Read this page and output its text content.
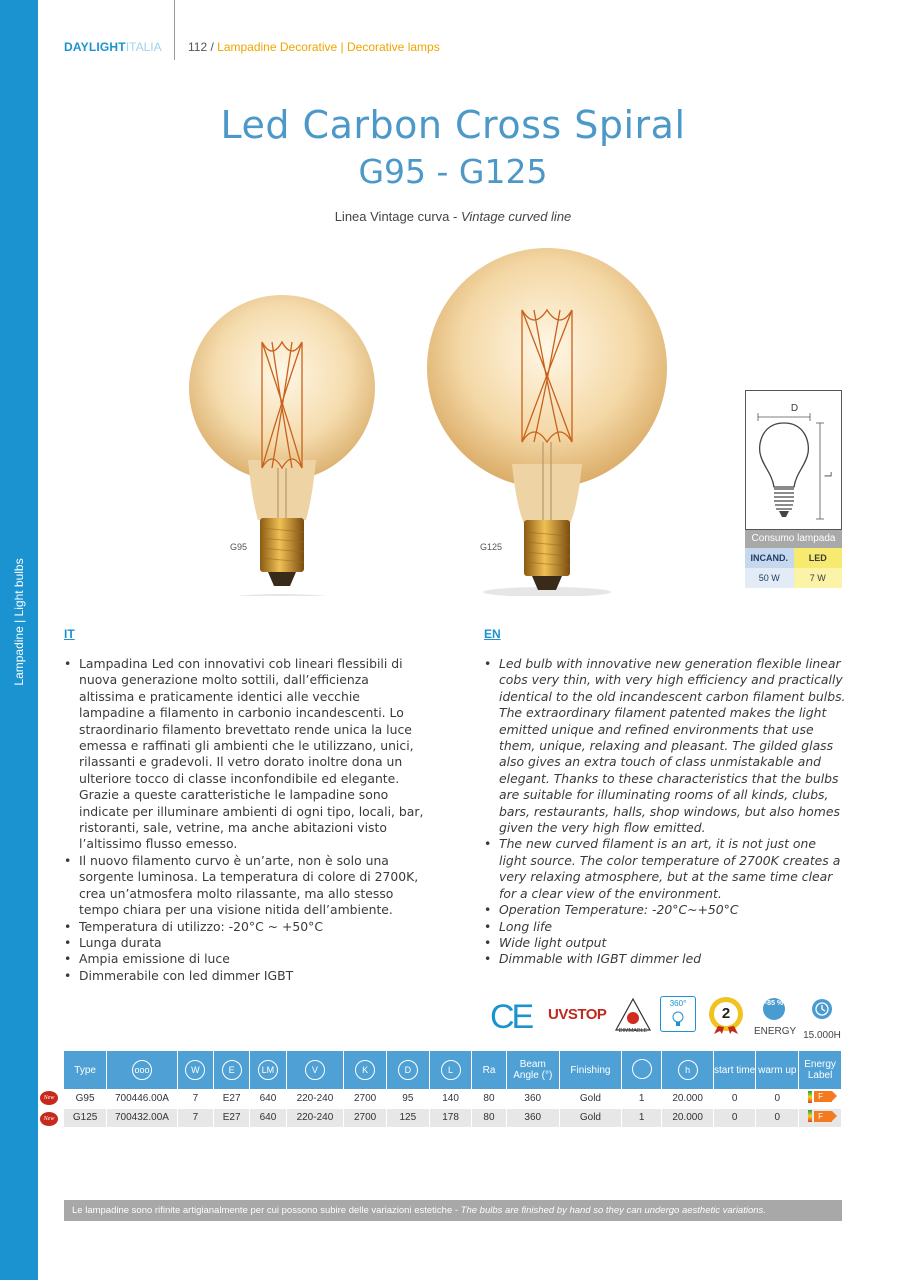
Lampadine | Light bulbs
DAYLIGHTITALIA 112 / Lampadine Decorative | Decorative lamps
Led Carbon Cross Spiral
G95 - G125
Linea Vintage curva - Vintage curved line
G95	G125
D
L
Consumo lampada
INCAND.	LED
50 W	7 W
IT
• Lampadina Led con innovativi cob lineari flessibili di nuova generazione molto sottili, dall’efficienza altissima e praticamente identici alle vecchie lampadine a filamento in carbonio incandescenti. Lo straordinario filamento brevettato rende unica la luce emessa e raffinati gli ambienti che le utilizzano, unici, rilassanti e gradevoli. Il vetro dorato inoltre dona un ulteriore tocco di classe inconfondibile ed elegante. Grazie a queste caratteristiche le lampadine sono indicate per illuminare ambienti di ogni tipo, locali, bar, ristoranti, sale, vetrine, ma anche abitazioni visto l’altissimo flusso emesso.
• Il nuovo filamento curvo è un’arte, non è solo una sorgente luminosa. La temperatura di colore di 2700K, crea un’atmosfera molto rilassante, ma allo stesso tempo chiara per una visione nitida dell’ambiente.
• Temperatura di utilizzo: -20°C ~ +50°C
• Lunga durata
• Ampia emissione di luce
• Dimmerabile con led dimmer IGBT
EN
• Led bulb with innovative new generation flexible linear cobs very thin, with very high efficiency and practically identical to the old incandescent carbon filament bulbs. The extraordinary filament patented makes the light emitted unique and refined environments that use them, unique, relaxing and pleasant. The gilded glass also gives an extra touch of class unmistakable and elegant. Thanks to these characteristics that the bulbs are suitable for illuminating rooms of all kinds, clubs, bars, restaurants, halls, shop windows, but also homes given the very high flow emitted.
• The new curved filament is an art, it is not just one light source. The color temperature of 2700K creates a very relaxing atmosphere, but at the same time clear for a clear view of the environment.
• Operation Temperature: -20°C~+50°C
• Long life
• Wide light output
• Dimmable with IGBT dimmer led
CE UVSTOP
DIMMABLE
360°
2
-85 %
ENERGY 15.000H
Type	ooo	W	E	LM	V	K	D	L	Ra	Beam Angle (°)	Finishing		h	start time	warm up	Energy Label
G95	700446.00A	7	E27	640	220-240	2700	95	140	80	360	Gold	1	20.000	0	0	F

G125	700432.00A	7	E27	640	220-240	2700	125	178	80	360	Gold	1	20.000	0	0	F
New
New
Le lampadine sono rifinite artigianalmente per cui possono subire delle variazioni estetiche - The bulbs are finished by hand so they can undergo aesthetic variations.
